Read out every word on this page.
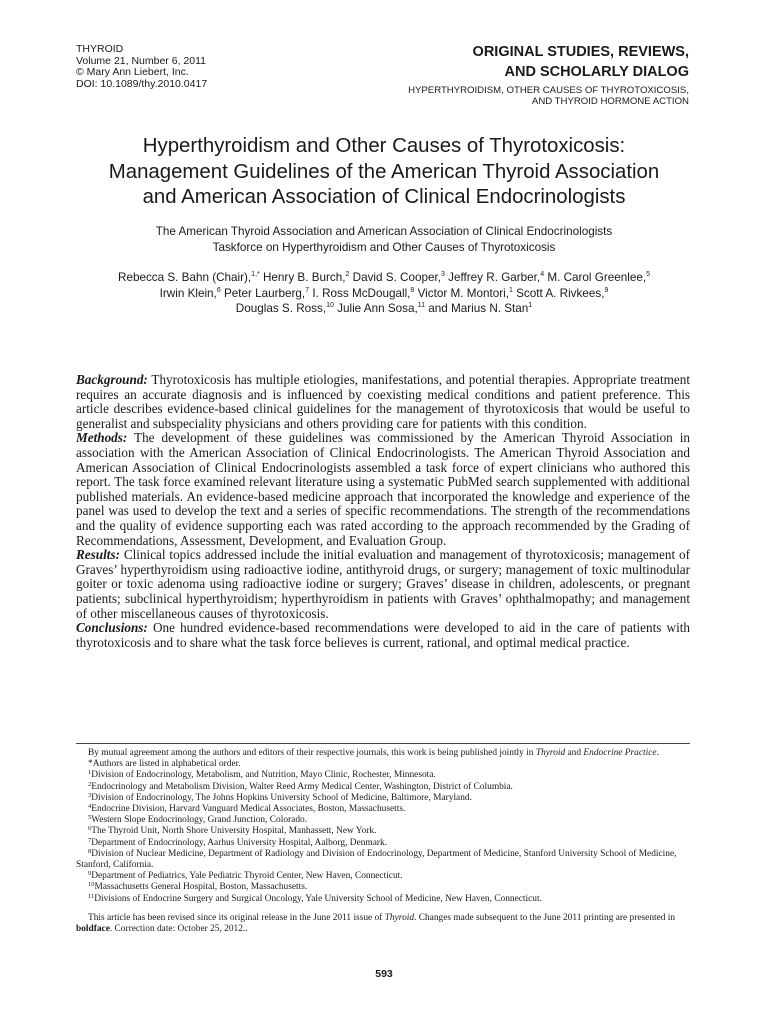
THYROID
Volume 21, Number 6, 2011
© Mary Ann Liebert, Inc.
DOI: 10.1089/thy.2010.0417
ORIGINAL STUDIES, REVIEWS,
AND SCHOLARLY DIALOG
HYPERTHYROIDISM, OTHER CAUSES OF THYROTOXICOSIS,
AND THYROID HORMONE ACTION
Hyperthyroidism and Other Causes of Thyrotoxicosis:
Management Guidelines of the American Thyroid Association
and American Association of Clinical Endocrinologists
The American Thyroid Association and American Association of Clinical Endocrinologists
Taskforce on Hyperthyroidism and Other Causes of Thyrotoxicosis
Rebecca S. Bahn (Chair),$^{1,*}$ Henry B. Burch,$^2$ David S. Cooper,$^3$ Jeffrey R. Garber,$^4$ M. Carol Greenlee,$^5$
Irwin Klein,$^6$ Peter Laurberg,$^7$ I. Ross McDougall,$^8$ Victor M. Montori,$^1$ Scott A. Rivkees,$^9$
Douglas S. Ross,$^{10}$ Julie Ann Sosa,$^{11}$ and Marius N. Stan$^1$

Background: Thyrotoxicosis has multiple etiologies, manifestations, and potential therapies. Appropriate treatment requires an accurate diagnosis and is influenced by coexisting medical conditions and patient preference. This article describes evidence-based clinical guidelines for the management of thyrotoxicosis that would be useful to generalist and subspeciality physicians and others providing care for patients with this condition.

Methods: The development of these guidelines was commissioned by the American Thyroid Association in association with the American Association of Clinical Endocrinologists. The American Thyroid Association and American Association of Clinical Endocrinologists assembled a task force of expert clinicians who authored this report. The task force examined relevant literature using a systematic PubMed search supplemented with additional published materials. An evidence-based medicine approach that incorporated the knowledge and experience of the panel was used to develop the text and a series of specific recommendations. The strength of the recommendations and the quality of evidence supporting each was rated according to the approach recommended by the Grading of Recommendations, Assessment, Development, and Evaluation Group.

Results: Clinical topics addressed include the initial evaluation and management of thyrotoxicosis; management of Graves’ hyperthyroidism using radioactive iodine, antithyroid drugs, or surgery; management of toxic multinodular goiter or toxic adenoma using radioactive iodine or surgery; Graves’ disease in children, adolescents, or pregnant patients; subclinical hyperthyroidism; hyperthyroidism in patients with Graves’ ophthalmopathy; and management of other miscellaneous causes of thyrotoxicosis.

Conclusions: One hundred evidence-based recommendations were developed to aid in the care of patients with thyrotoxicosis and to share what the task force believes is current, rational, and optimal medical practice.

By mutual agreement among the authors and editors of their respective journals, this work is being published jointly in Thyroid and Endocrine Practice.

*Authors are listed in alphabetical order.

$^1$Division of Endocrinology, Metabolism, and Nutrition, Mayo Clinic, Rochester, Minnesota.

$^2$Endocrinology and Metabolism Division, Walter Reed Army Medical Center, Washington, District of Columbia.

$^3$Division of Endocrinology, The Johns Hopkins University School of Medicine, Baltimore, Maryland.

$^4$Endocrine Division, Harvard Vanguard Medical Associates, Boston, Massachusetts.

$^5$Western Slope Endocrinology, Grand Junction, Colorado.

$^6$The Thyroid Unit, North Shore University Hospital, Manhassett, New York.

$^7$Department of Endocrinology, Aarhus University Hospital, Aalborg, Denmark.

$^8$Division of Nuclear Medicine, Department of Radiology and Division of Endocrinology, Department of Medicine, Stanford University School of Medicine, Stanford, California.

$^9$Department of Pediatrics, Yale Pediatric Thyroid Center, New Haven, Connecticut.

$^{10}$Massachusetts General Hospital, Boston, Massachusetts.

$^{11}$Divisions of Endocrine Surgery and Surgical Oncology, Yale University School of Medicine, New Haven, Connecticut.

This article has been revised since its original release in the June 2011 issue of Thyroid. Changes made subsequent to the June 2011 printing are presented in boldface. Correction date: October 25, 2012..

593
